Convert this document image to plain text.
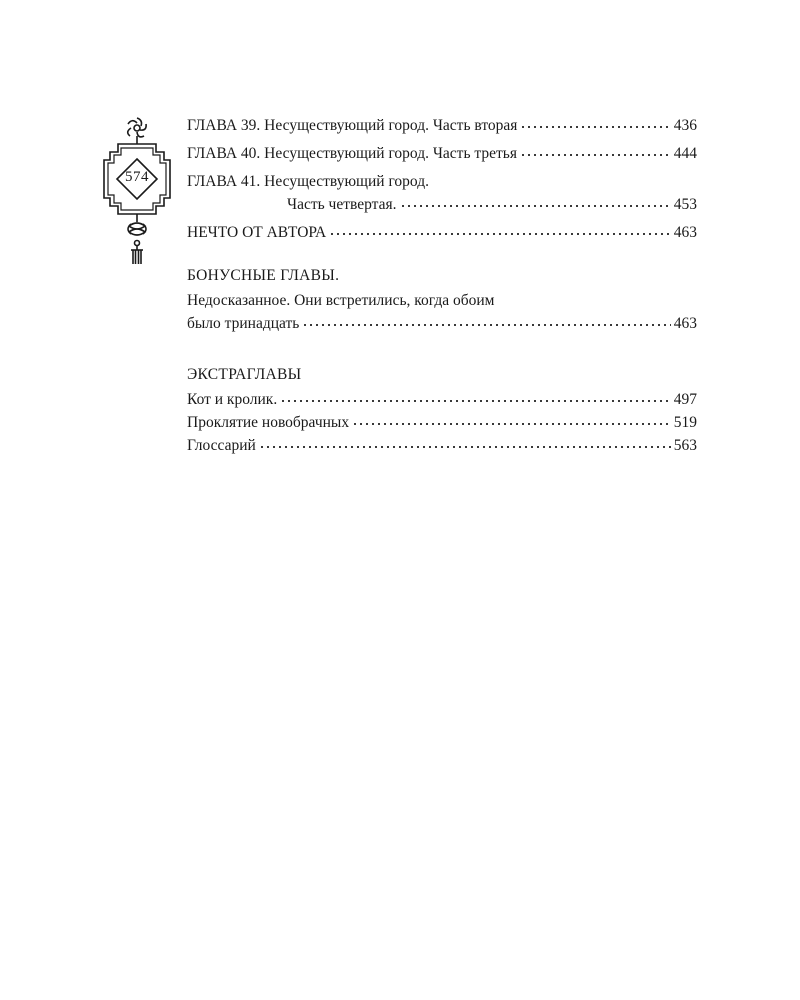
574
ГЛАВА 39. Несуществующий город. Часть вторая	436
ГЛАВА 40. Несуществующий город. Часть третья	444
ГЛАВА 41. Несуществующий город.
Часть четвертая.	453
НЕЧТО ОТ АВТОРА	463
БОНУСНЫЕ ГЛАВЫ.
Недосказанное. Они встретились, когда обоим
было тринадцать	463
ЭКСТРАГЛАВЫ
Кот и кролик.	497
Проклятие новобрачных	519
Глоссарий	563
